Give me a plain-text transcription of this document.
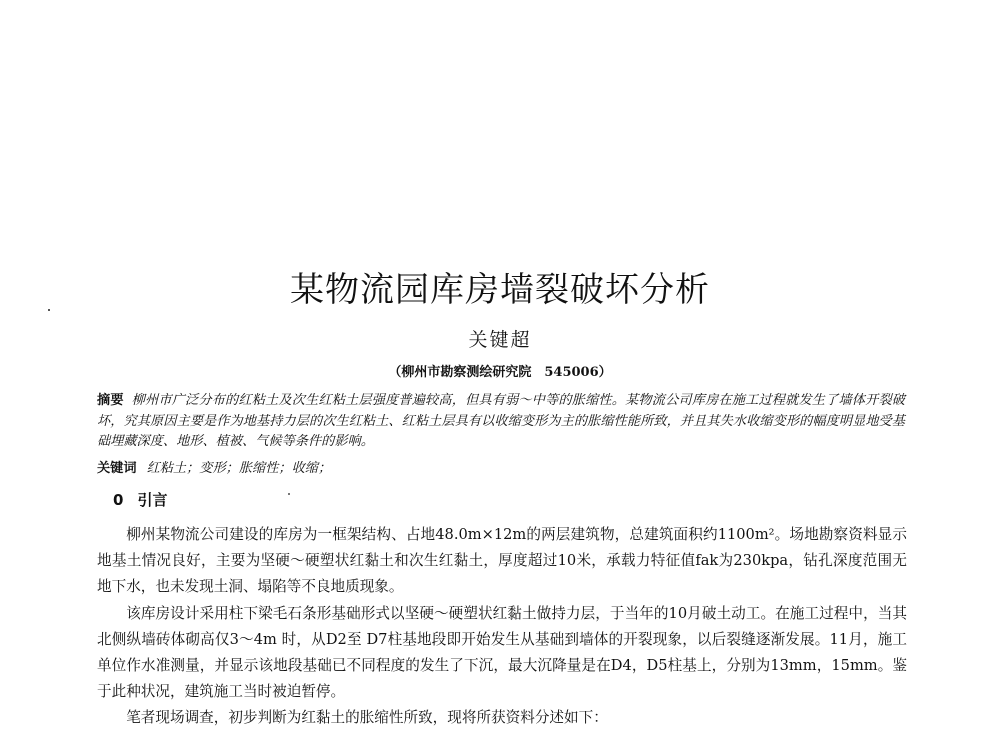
某物流园库房墙裂破坏分析
关键超
（柳州市勘察测绘研究院　545006）
摘要 柳州市广泛分布的红粘土及次生红粘土层强度普遍较高，但具有弱～中等的胀缩性。某物流公司库房在施工过程就发生了墙体开裂破坏，究其原因主要是作为地基持力层的次生红粘土、红粘土层具有以收缩变形为主的胀缩性能所致，并且其失水收缩变形的幅度明显地受基础埋藏深度、地形、植被、气候等条件的影响。
关键词 红粘土；变形；胀缩性；收缩；
0 引言

柳州某物流公司建设的库房为一框架结构、占地48.0m×12m的两层建筑物，总建筑面积约1100m²。场地勘察资料显示地基土情况良好，主要为坚硬～硬塑状红黏土和次生红黏土，厚度超过10米，承载力特征值fak为230kpa，钻孔深度范围无地下水，也未发现土洞、塌陷等不良地质现象。

该库房设计采用柱下梁毛石条形基础形式以坚硬～硬塑状红黏土做持力层，于当年的10月破土动工。在施工过程中，当其北侧纵墙砖体砌高仅3～4m 时，从D2至 D7柱基地段即开始发生从基础到墙体的开裂现象，以后裂缝逐渐发展。11月，施工单位作水准测量，并显示该地段基础已不同程度的发生了下沉，最大沉降量是在D4，D5柱基上，分别为13mm，15mm。鉴于此种状况，建筑施工当时被迫暂停。

笔者现场调查，初步判断为红黏土的胀缩性所致，现将所获资料分述如下：
